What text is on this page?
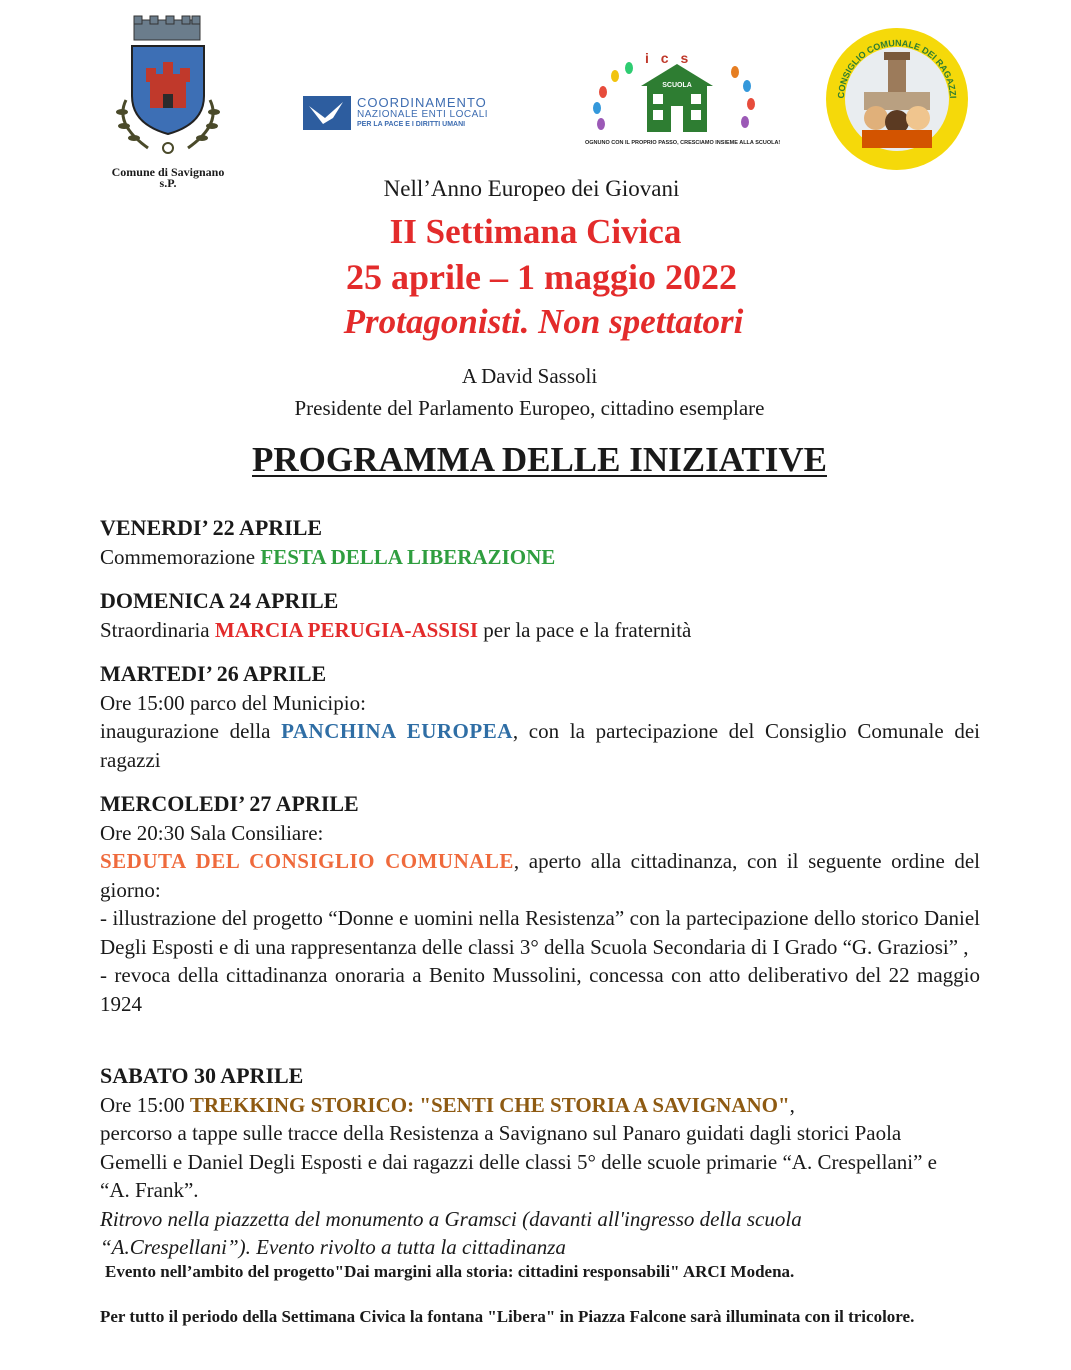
Comune di Savignano s.P.
COORDINAMENTO
NAZIONALE ENTI LOCALI
PER LA PACE E I DIRITTI UMANI
i c s
SCUOLA
OGNUNO CON IL PROPRIO PASSO, CRESCIAMO INSIEME ALLA SCUOLA!
CONSIGLIO COMUNALE DEI RAGAZZI
Nell’Anno Europeo dei Giovani
II Settimana Civica
25 aprile – 1 maggio 2022
Protagonisti. Non spettatori
A David Sassoli
Presidente del Parlamento Europeo, cittadino esemplare
PROGRAMMA DELLE INIZIATIVE
VENERDI’ 22 APRILE
Commemorazione FESTA DELLA LIBERAZIONE
DOMENICA 24 APRILE
Straordinaria MARCIA PERUGIA-ASSISI per la pace e la fraternità
MARTEDI’ 26 APRILE
Ore 15:00 parco del Municipio:
inaugurazione della PANCHINA EUROPEA, con la partecipazione del Consiglio Comunale dei ragazzi
MERCOLEDI’ 27 APRILE
Ore 20:30 Sala Consiliare:
SEDUTA DEL CONSIGLIO COMUNALE, aperto alla cittadinanza, con il seguente ordine del giorno:
- illustrazione del progetto “Donne e uomini nella Resistenza” con la partecipazione dello storico Daniel Degli Esposti e di una rappresentanza delle classi 3° della Scuola Secondaria di I Grado “G. Graziosi” ,
- revoca della cittadinanza onoraria a Benito Mussolini, concessa con atto deliberativo del 22 maggio 1924
SABATO 30 APRILE
Ore 15:00 TREKKING STORICO: "SENTI CHE STORIA A SAVIGNANO",
percorso a tappe sulle tracce della Resistenza a Savignano sul Panaro guidati dagli storici Paola Gemelli e Daniel Degli Esposti e dai ragazzi delle classi 5° delle scuole primarie “A. Crespellani” e “A. Frank”.
Ritrovo nella piazzetta del monumento a Gramsci (davanti all'ingresso della scuola “A.Crespellani”). Evento rivolto a tutta la cittadinanza
Evento nell’ambito del progetto"Dai margini alla storia: cittadini responsabili" ARCI Modena.
Per tutto il periodo della Settimana Civica la fontana "Libera" in Piazza Falcone sarà illuminata con il tricolore.
